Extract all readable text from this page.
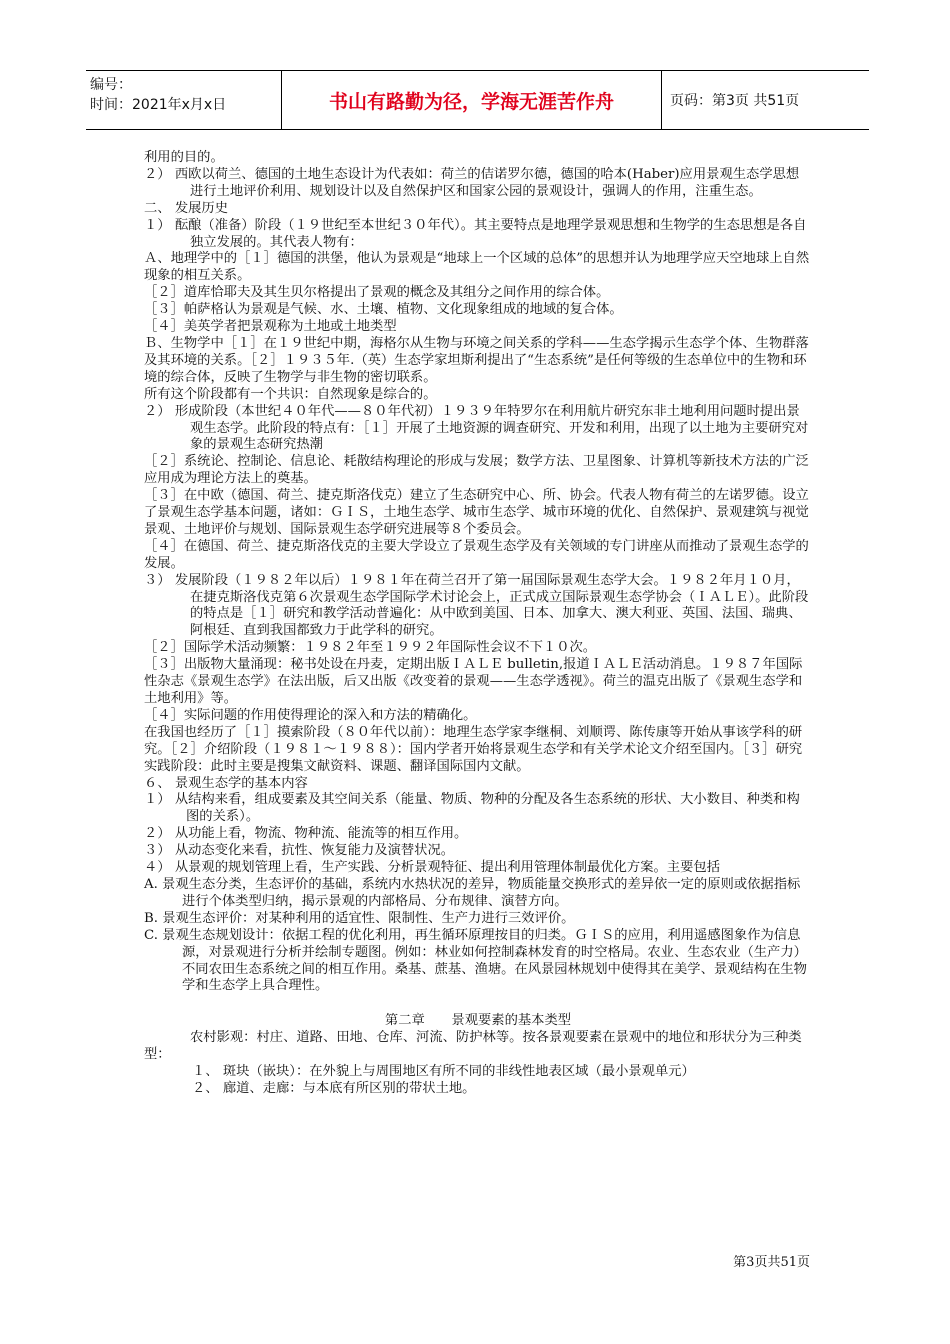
编号：
时间：2021年x月x日	书山有路勤为径，学海无涯苦作舟	页码：第3页 共51页

利用的目的。

２） 西欧以荷兰、德国的土地生态设计为代表如：荷兰的佶诺罗尔德，德国的哈本(Haber)应用景观生态学思想进行土地评价利用、规划设计以及自然保护区和国家公园的景观设计，强调人的作用，注重生态。

二、 发展历史

１） 酝酿（准备）阶段（１９世纪至本世纪３０年代）。其主要特点是地理学景观思想和生物学的生态思想是各自独立发展的。其代表人物有：

Ａ、地理学中的［１］德国的洪堡，他认为景观是“地球上一个区域的总体”的思想并认为地理学应天空地球上自然现象的相互关系。

［２］道库恰耶夫及其生贝尔格提出了景观的概念及其组分之间作用的综合体。

［３］帕萨格认为景观是气候、水、土壤、植物、文化现象组成的地域的复合体。

［４］美英学者把景观称为土地或土地类型

Ｂ、生物学中［１］在１９世纪中期，海格尔从生物与环境之间关系的学科——生态学揭示生态学个体、生物群落及其环境的关系。［２］１９３５年.（英）生态学家坦斯利提出了“生态系统”是任何等级的生态单位中的生物和环境的综合体，反映了生物学与非生物的密切联系。

所有这个阶段都有一个共识：自然现象是综合的。

２） 形成阶段（本世纪４０年代——８０年代初）１９３９年特罗尔在利用航片研究东非土地利用问题时提出景观生态学。此阶段的特点有：［１］开展了土地资源的调查研究、开发和利用，出现了以土地为主要研究对象的景观生态研究热潮

［２］系统论、控制论、信息论、耗散结构理论的形成与发展；数学方法、卫星图象、计算机等新技术方法的广泛应用成为理论方法上的奠基。

［３］在中欧（德国、荷兰、捷克斯洛伐克）建立了生态研究中心、所、协会。代表人物有荷兰的左诺罗德。设立了景观生态学基本问题，诸如：ＧＩＳ，土地生态学、城市生态学、城市环境的优化、自然保护、景观建筑与视觉景观、土地评价与规划、国际景观生态学研究进展等８个委员会。

［４］在德国、荷兰、捷克斯洛伐克的主要大学设立了景观生态学及有关领域的专门讲座从而推动了景观生态学的发展。

３） 发展阶段（１９８２年以后）１９８１年在荷兰召开了第一届国际景观生态学大会。１９８２年月１０月，在捷克斯洛伐克第６次景观生态学国际学术讨论会上，正式成立国际景观生态学协会（ＩＡＬＥ）。此阶段的特点是［１］研究和教学活动普遍化：从中欧到美国、日本、加拿大、澳大利亚、英国、法国、瑞典、阿根廷、直到我国都致力于此学科的研究。

［２］国际学术活动频繁：１９８２年至１９９２年国际性会议不下１０次。

［３］出版物大量涌现：秘书处设在丹麦，定期出版ＩＡＬＥ bulletin,报道ＩＡＬＥ活动消息。１９８７年国际性杂志《景观生态学》在法出版，后又出版《改变着的景观——生态学透视》。荷兰的温克出版了《景观生态学和土地利用》等。

［４］实际问题的作用使得理论的深入和方法的精确化。

在我国也经历了［１］摸索阶段（８０年代以前）：地理生态学家李继桐、刘顺谔、陈传康等开始从事该学科的研究。［２］介绍阶段（１９８１～１９８８）：国内学者开始将景观生态学和有关学术论文介绍至国内。［３］研究实践阶段：此时主要是搜集文献资料、课题、翻译国际国内文献。

６、 景观生态学的基本内容

１） 从结构来看，组成要素及其空间关系（能量、物质、物种的分配及各生态系统的形状、大小数目、种类和构图的关系）。

２） 从功能上看，物流、物种流、能流等的相互作用。

３） 从动态变化来看，抗性、恢复能力及演替状况。

４） 从景观的规划管理上看，生产实践、分析景观特征、提出利用管理体制最优化方案。主要包括

A. 景观生态分类，生态评价的基础，系统内水热状况的差异，物质能量交换形式的差异依一定的原则或依据指标进行个体类型归纳，揭示景观的内部格局、分布规律、演替方向。

B. 景观生态评价：对某种利用的适宜性、限制性、生产力进行三效评价。

C. 景观生态规划设计：依据工程的优化利用，再生循环原理按目的归类。ＧＩＳ的应用，利用遥感图象作为信息源，对景观进行分析并绘制专题图。例如：林业如何控制森林发育的时空格局。农业、生态农业（生产力）不同农田生态系统之间的相互作用。桑基、蔗基、渔塘。在风景园林规划中使得其在美学、景观结构在生物学和生态学上具合理性。

第二章　　景观要素的基本类型

农村影观：村庄、道路、田地、仓库、河流、防护林等。按各景观要素在景观中的地位和形状分为三种类型：

１、 斑块（嵌块）：在外貌上与周围地区有所不同的非线性地表区域（最小景观单元）

２、 廊道、走廊：与本底有所区别的带状土地。

第3页共51页
